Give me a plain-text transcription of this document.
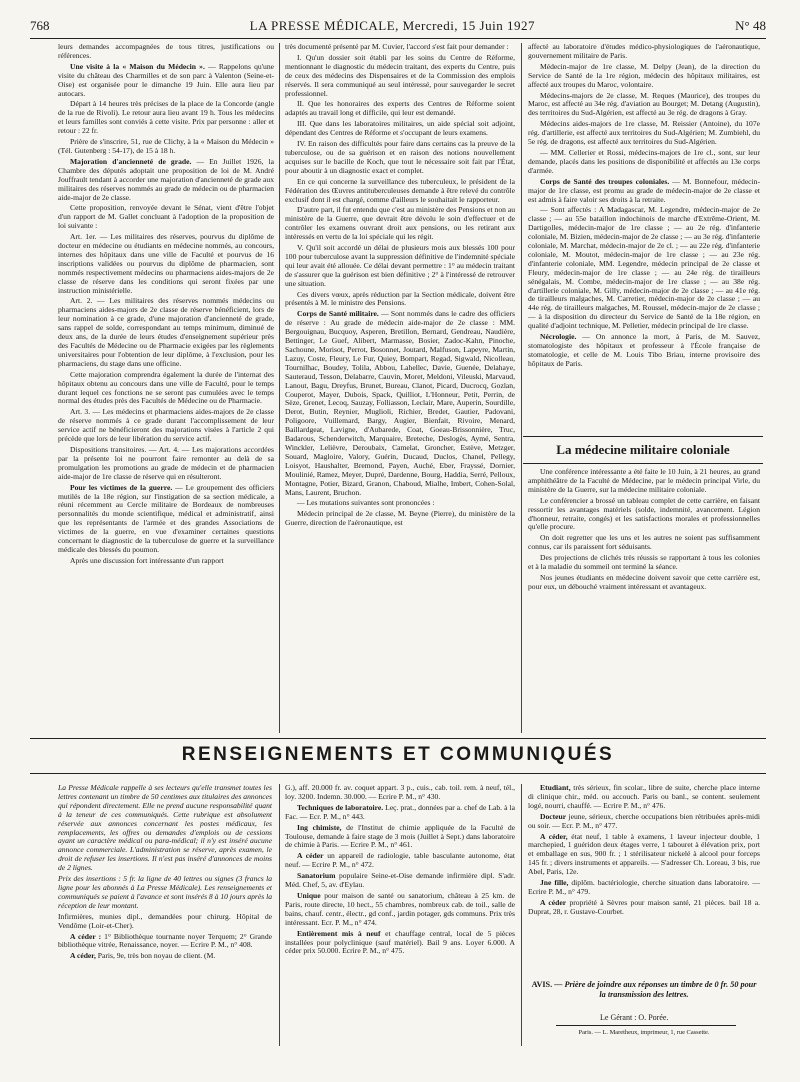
768	LA PRESSE MÉDICALE, Mercredi, 15 Juin 1927	N° 48

leurs demandes accompagnées de tous titres, justifications ou références.

Une visite à la « Maison du Médecin ». — Rappelons qu'une visite du château des Charmilles et de son parc à Valenton (Seine-et-Oise) est organisée pour le dimanche 19 Juin. Elle aura lieu par autocars.

Départ à 14 heures très précises de la place de la Concorde (angle de la rue de Rivoli). Le retour aura lieu avant 19 h. Tous les médecins et leurs familles sont conviés à cette visite. Prix par personne : aller et retour : 22 fr.

Prière de s'inscrire, 51, rue de Clichy, à la « Maison du Médecin » (Tél. Gutenberg : 54-17), de 15 à 18 h.

Majoration d'ancienneté de grade. — En Juillet 1926, la Chambre des députés adoptait une proposition de loi de M. André Jouffrault tendant à accorder une majoration d'ancienneté de grade aux militaires des réserves nommés au grade de médecin ou de pharmacien aide-major de 2e classe.

Cette proposition, renvoyée devant le Sénat, vient d'être l'objet d'un rapport de M. Gallet concluant à l'adoption de la proposition de loi suivante :

Art. 1er. — Les militaires des réserves, pourvus du diplôme de docteur en médecine ou étudiants en médecine nommés, au concours, internes des hôpitaux dans une ville de Faculté et pourvus de 16 inscriptions validées ou pourvus du diplôme de pharmacien, sont nommés respectivement médecins ou pharmaciens aides-majors de 2e classe de réserve dans les conditions qui seront fixées par une instruction ministérielle.

Art. 2. — Les militaires des réserves nommés médecins ou pharmaciens aides-majors de 2e classe de réserve bénéficient, lors de leur nomination à ce grade, d'une majoration d'ancienneté de grade, sans rappel de solde, correspondant au temps minimum, diminué de deux ans, de la durée de leurs études d'enseignement supérieur près des Facultés de Médecine ou de Pharmacie exigées par les règlements universitaires pour l'obtention de leur diplôme, à l'exclusion, pour les pharmaciens, du stage dans une officine.

Cette majoration comprendra également la durée de l'internat des hôpitaux obtenu au concours dans une ville de Faculté, pour le temps durant lequel ces fonctions ne se seront pas cumulées avec le temps normal des études près des Facultés de Médecine ou de Pharmacie.

Art. 3. — Les médecins et pharmaciens aides-majors de 2e classe de réserve nommés à ce grade durant l'accomplissement de leur service actif ne bénéficieront des majorations visées à l'article 2 qui précède que lors de leur libération du service actif.

Dispositions transitoires. — Art. 4. — Les majorations accordées par la présente loi ne pourront faire remonter au delà de sa promulgation les promotions au grade de médecin et de pharmacien aide-major de 1re classe de réserve qui en résulteront.

Pour les victimes de la guerre. — Le groupement des officiers mutilés de la 18e région, sur l'instigation de sa section médicale, a réuni récemment au Cercle militaire de Bordeaux de nombreuses personnalités du monde scientifique, médical et administratif, ainsi que les représentants de l'armée et des grandes Associations de victimes de la guerre, en vue d'examiner certaines questions concernant le diagnostic de la tuberculose de guerre et la surveillance médicale des blessés du poumon.

Après une discussion fort intéressante d'un rapport

très documenté présenté par M. Cuvier, l'accord s'est fait pour demander :

I. Qu'un dossier soit établi par les soins du Centre de Réforme, mentionnant le diagnostic du médecin traitant, des experts du Centre, puis de ceux des médecins des Dispensaires et de la Commission des emplois réservés. Il sera communiqué au seul intéressé, pour sauvegarder le secret professionnel.

II. Que les honoraires des experts des Centres de Réforme soient adaptés au travail long et difficile, qui leur est demandé.

III. Que dans les laboratoires militaires, un aide spécial soit adjoint, dépendant des Centres de Réforme et s'occupant de leurs examens.

IV. En raison des difficultés pour faire dans certains cas la preuve de la tuberculose, ou de sa guérison et en raison des notions nouvellement acquises sur le bacille de Koch, que tout le nécessaire soit fait par l'État, pour aboutir à un diagnostic exact et complet.

En ce qui concerne la surveillance des tuberculeux, le président de la Fédération des Œuvres antituberculeuses demande à être relevé du contrôle exclusif dont il est chargé, comme d'ailleurs le souhaitait le rapporteur.

D'autre part, il fut entendu que c'est au ministère des Pensions et non au ministère de la Guerre, que devrait être dévolu le soin d'effectuer et de contrôler les examens ouvrant droit aux pensions, ou les retirant aux intéressés en vertu de la loi spéciale qui les régit.

V. Qu'il soit accordé un délai de plusieurs mois aux blessés 100 pour 100 pour tuberculose avant la suppression définitive de l'indemnité spéciale qui leur avait été allouée. Ce délai devant permettre : 1° au médecin traitant de s'assurer que la guérison est bien définitive ; 2° à l'intéressé de retrouver une situation.

Ces divers vœux, après réduction par la Section médicale, doivent être présentés à M. le ministre des Pensions.

Corps de Santé militaire. — Sont nommés dans le cadre des officiers de réserve : Au grade de médecin aide-major de 2e classe : MM. Bergouignau, Bucquoy, Asperen, Bretillon, Bernard, Gendreau, Naudière, Bettinger, Le Guef, Alibert, Marmasse, Bosier, Zadoc-Kahn, Pinoche, Sachoune, Morisot, Perrot, Bosonnet, Joutard, Malfuson, Lapeyre, Martin, Lazuy, Coste, Fleury, Le Fur, Quiey, Bompart, Regad, Sigwald, Nicolleau, Tournilhac, Boudey, Tolila, Abbou, Lahellec, Davie, Guenée, Delahaye, Sauteraud, Tesson, Delabarre, Cauvin, Moret, Meldoni, Vileuski, Marvaud, Lanout, Bagu, Dreyfus, Brunet, Bureau, Clanot, Picard, Ducrocq, Gozlan, Couperot, Mayer, Dubois, Spack, Quilliot, L'Honneur, Petit, Perrin, de Sèze, Grenet, Lecoq, Sauzay, Folliasson, Leclair, Mare, Auperin, Sourdille, Derot, Butin, Reynier, Muglioli, Richier, Bredet, Gautier, Padovani, Poligoore, Vuillemard, Bargy, Augier, Bienfait, Rivoire, Menard, Baillardgeat, Lavigne, d'Aubarede, Coat, Goeau-Brissonnière, Truc, Badarous, Schenderwitch, Marquaire, Breteche, Deslogès, Aymé, Sentra, Winckler, Lelièvre, Deroubaix, Camelat, Groncher, Estève, Metzger, Souard, Magloire, Valory, Guérin, Ducaud, Duclos, Chanel, Pellegy, Loisyot, Haushalter, Bremond, Payen, Auché, Eber, Frayssé, Dornier, Moulinié, Ramez, Meyer, Dupré, Dardenne, Bourg, Haddia, Serré, Pelloux, Montagne, Potier, Bizard, Granon, Chaboud, Mialhe, Imbert, Cohen-Solal, Mans, Laurent, Bruchon.

— Les mutations suivantes sont prononcées :

Médecin principal de 2e classe, M. Beyne (Pierre), du ministère de la Guerre, direction de l'aéronautique, est

affecté au laboratoire d'études médico-physiologiques de l'aéronautique, gouvernement militaire de Paris.

Médecin-major de 1re classe, M. Delpy (Jean), de la direction du Service de Santé de la 1re région, médecin des hôpitaux militaires, est affecté aux troupes du Maroc, volontaire.

Médecins-majors de 2e classe, M. Reques (Maurice), des troupes du Maroc, est affecté au 34e rég. d'aviation au Bourget; M. Detang (Augustin), des territoires du Sud-Algérien, est affecté au 3e rég. de dragons à Gray.

Médecins aides-majors de 1re classe, M. Reissier (Antoine), du 107e rég. d'artillerie, est affecté aux territoires du Sud-Algérien; M. Zumbiehl, du 5e rég. de dragons, est affecté aux territoires du Sud-Algérien.

— MM. Cellerier et Rossi, médecins-majors de 1re cl., sont, sur leur demande, placés dans les positions de disponibilité et affectés au 13e corps d'armée.

Corps de Santé des troupes coloniales. — M. Bonnefour, médecin-major de 1re classe, est promu au grade de médecin-major de 2e classe et est admis à faire valoir ses droits à la retraite.

— Sont affectés : A Madagascar, M. Legendre, médecin-major de 2e classe ; — au 55e bataillon indochinois de marche d'Extrême-Orient, M. Dartigolles, médecin-major de 1re classe ; — au 2e rég. d'infanterie coloniale, M. Bizien, médecin-major de 2e classe ; — au 3e rég. d'infanterie coloniale, M. Marchat, médecin-major de 2e cl. ; — au 22e rég. d'infanterie coloniale, M. Moutot, médecin-major de 1re classe ; — au 23e rég. d'infanterie coloniale, MM. Legendre, médecin principal de 2e classe et Fleury, médecin-major de 1re classe ; — au 24e rég. de tirailleurs sénégalais, M. Combe, médecin-major de 1re classe ; — au 38e rég. d'artillerie coloniale, M. Gilly, médecin-major de 2e classe ; — au 41e rég. de tirailleurs malgaches, M. Carretier, médecin-major de 2e classe ; — au 44e rég. de tirailleurs malgaches, M. Roussel, médecin-major de 2e classe ; — à la disposition du directeur du Service de Santé de la 18e région, en qualité d'adjoint technique, M. Pelletier, médecin principal de 1re classe.

Nécrologie. — On annonce la mort, à Paris, de M. Sauvez, stomatologiste des hôpitaux et professeur à l'École française de stomatologie, et celle de M. Louis Tibo Briau, interne provisoire des hôpitaux de Paris.

La médecine militaire coloniale

Une conférence intéressante a été faite le 10 Juin, à 21 heures, au grand amphithéâtre de la Faculté de Médecine, par le médecin principal Virle, du ministère de la Guerre, sur la médecine militaire coloniale.

Le conférencier a brossé un tableau complet de cette carrière, en faisant ressortir les avantages matériels (solde, indemnité, avancement. Légion d'honneur, retraite, congés) et les satisfactions morales et professionnelles qu'elle procure.

On doit regretter que les uns et les autres ne soient pas suffisamment connus, car ils paraissent fort séduisants.

Des projections de clichés très réussis se rapportant à tous les colonies et à la maladie du sommeil ont terminé la séance.

Nos jeunes étudiants en médecine doivent savoir que cette carrière est, pour eux, un débouché vraiment intéressant et avantageux.

RENSEIGNEMENTS ET COMMUNIQUÉS

La Presse Médicale rappelle à ses lecteurs qu'elle transmet toutes les lettres contenant un timbre de 50 centimes aux titulaires des annonces qui répondent directement. Elle ne prend aucune responsabilité quant à la teneur de ces communiqués. Cette rubrique est absolument réservée aux annonces concernant les postes médicaux, les remplacements, les offres ou demandes d'emplois ou de cessions ayant un caractère médical ou para-médical; il n'y est inséré aucune annonce commerciale. L'administration se réserve, après examen, le droit de refuser les insertions. Il n'est pas inséré d'annonces de moins de 2 lignes.

Prix des insertions : 5 fr. la ligne de 40 lettres ou signes (3 francs la ligne pour les abonnés à La Presse Médicale). Les renseignements et communiqués se paient à l'avance et sont insérés 8 à 10 jours après la réception de leur montant.

Infirmières, munies dipl., demandées pour chirurg. Hôpital de Vendôme (Loir-et-Cher).

A céder : 1° Bibliothèque tournante noyer Terquem; 2° Grande bibliothèque vitrée, Renaissance, noyer. — Ecrire P. M., n° 408.

A céder, Paris, 9e, très bon noyau de client. (M.

G.), aff. 20.000 fr. av. coquet appart. 3 p., cuis., cab. toil. rem. à neuf, tél., loy. 3200. Indemn. 30.000. — Ecrire P. M., n° 430.

Techniques de laboratoire. Leç. prat., données par a. chef de Lab. à la Fac. — Ecr. P. M., n° 443.

Ing chimiste, de l'Institut de chimie appliquée de la Faculté de Toulouse, demande à faire stage de 3 mois (Juillet à Sept.) dans laboratoire de chimie à Paris. — Ecrire P. M., n° 461.

A céder un appareil de radiologie, table basculante autonome, état neuf. — Ecrire P. M., n° 472.

Sanatorium populaire Seine-et-Oise demande infirmière dipl. S'adr. Méd. Chef, 5, av. d'Eylau.

Unique pour maison de santé ou sanatorium, château à 25 km. de Paris, route directe, 10 hect., 55 chambres, nombreux cab. de toil., salle de bains, chauf. centr., électr., gd conf., jardin potager, gds communs. Prix très intéressant. Ecr. P. M., n° 474.

Entièrement mis à neuf et chauffage central, local de 5 pièces installées pour polyclinique (sauf matériel). Bail 9 ans. Loyer 6.000. A céder prix 50.000. Ecrire P. M., n° 475.

Etudiant, très sérieux, fin scolar., libre de suite, cherche place interne di clinique chir., méd. ou accouch. Paris ou banl., se content. seulement logé, nourri, chauffé. — Ecrire P. M., n° 476.

Docteur jeune, sérieux, cherche occupations bien rétribuées après-midi ou soir. — Ecr. P. M., n° 477.

A céder, état neuf, 1 table à examens, 1 laveur injecteur double, 1 marchepied, 1 guéridon deux étages verre, 1 tabouret à élévation prix, port et emballage en sus, 900 fr. ; 1 stérilisateur nickelé à alcool pour forceps 145 fr. ; divers instruments et appareils. — S'adresser Ch. Loreau, 3 bis, rue Abel, Paris, 12e.

Jne fille, diplôm. bactériologie, cherche situation dans laboratoire. — Ecrire P. M., n° 479.

A céder propriété à Sèvres pour maison santé, 21 pièces. bail 18 a. Duprat, 28, r. Gustave-Courbet.

AVIS. — Prière de joindre aux réponses un timbre de 0 fr. 50 pour la transmission des lettres.
Le Gérant : O. Porée.
Paris. — L. Maretheux, imprimeur, 1, rue Cassette.
